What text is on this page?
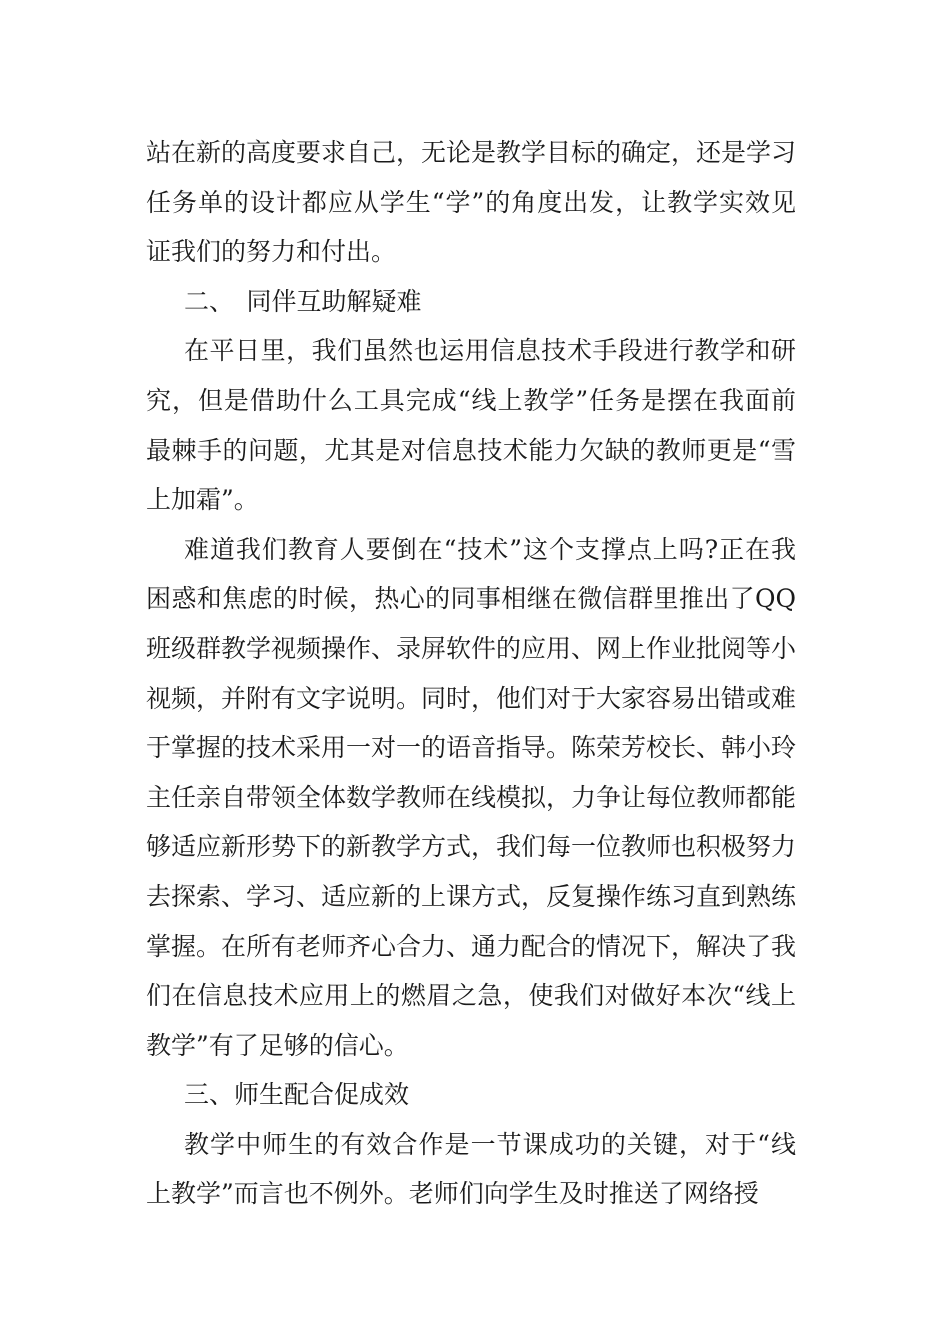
站在新的高度要求自己，无论是教学目标的确定，还是学习任务单的设计都应从学生“学”的角度出发，让教学实效见证我们的努力和付出。

二、　同伴互助解疑难

在平日里，我们虽然也运用信息技术手段进行教学和研究，但是借助什么工具完成“线上教学”任务是摆在我面前最棘手的问题，尤其是对信息技术能力欠缺的教师更是“雪上加霜”。

难道我们教育人要倒在“技术”这个支撑点上吗?正在我困惑和焦虑的时候，热心的同事相继在微信群里推出了QQ班级群教学视频操作、录屏软件的应用、网上作业批阅等小视频，并附有文字说明。同时，他们对于大家容易出错或难于掌握的技术采用一对一的语音指导。陈荣芳校长、韩小玲主任亲自带领全体数学教师在线模拟，力争让每位教师都能够适应新形势下的新教学方式，我们每一位教师也积极努力去探索、学习、适应新的上课方式，反复操作练习直到熟练掌握。在所有老师齐心合力、通力配合的情况下，解决了我们在信息技术应用上的燃眉之急，使我们对做好本次“线上教学”有了足够的信心。

三、师生配合促成效

教学中师生的有效合作是一节课成功的关键，对于“线上教学”而言也不例外。老师们向学生及时推送了网络授
